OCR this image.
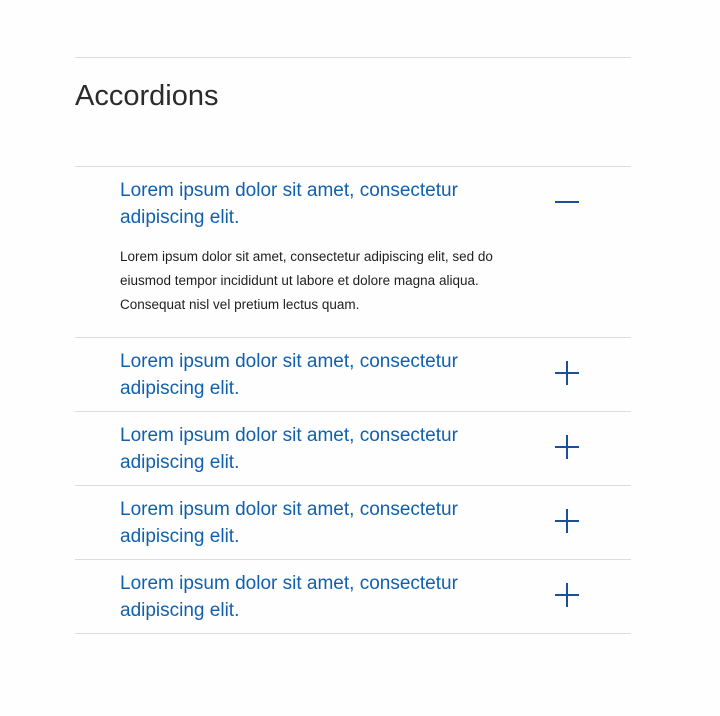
Accordions
Lorem ipsum dolor sit amet, consectetur adipiscing elit.
Lorem ipsum dolor sit amet, consectetur adipiscing elit, sed do eiusmod tempor incididunt ut labore et dolore magna aliqua. Consequat nisl vel pretium lectus quam.
Lorem ipsum dolor sit amet, consectetur adipiscing elit.
Lorem ipsum dolor sit amet, consectetur adipiscing elit.
Lorem ipsum dolor sit amet, consectetur adipiscing elit.
Lorem ipsum dolor sit amet, consectetur adipiscing elit.
